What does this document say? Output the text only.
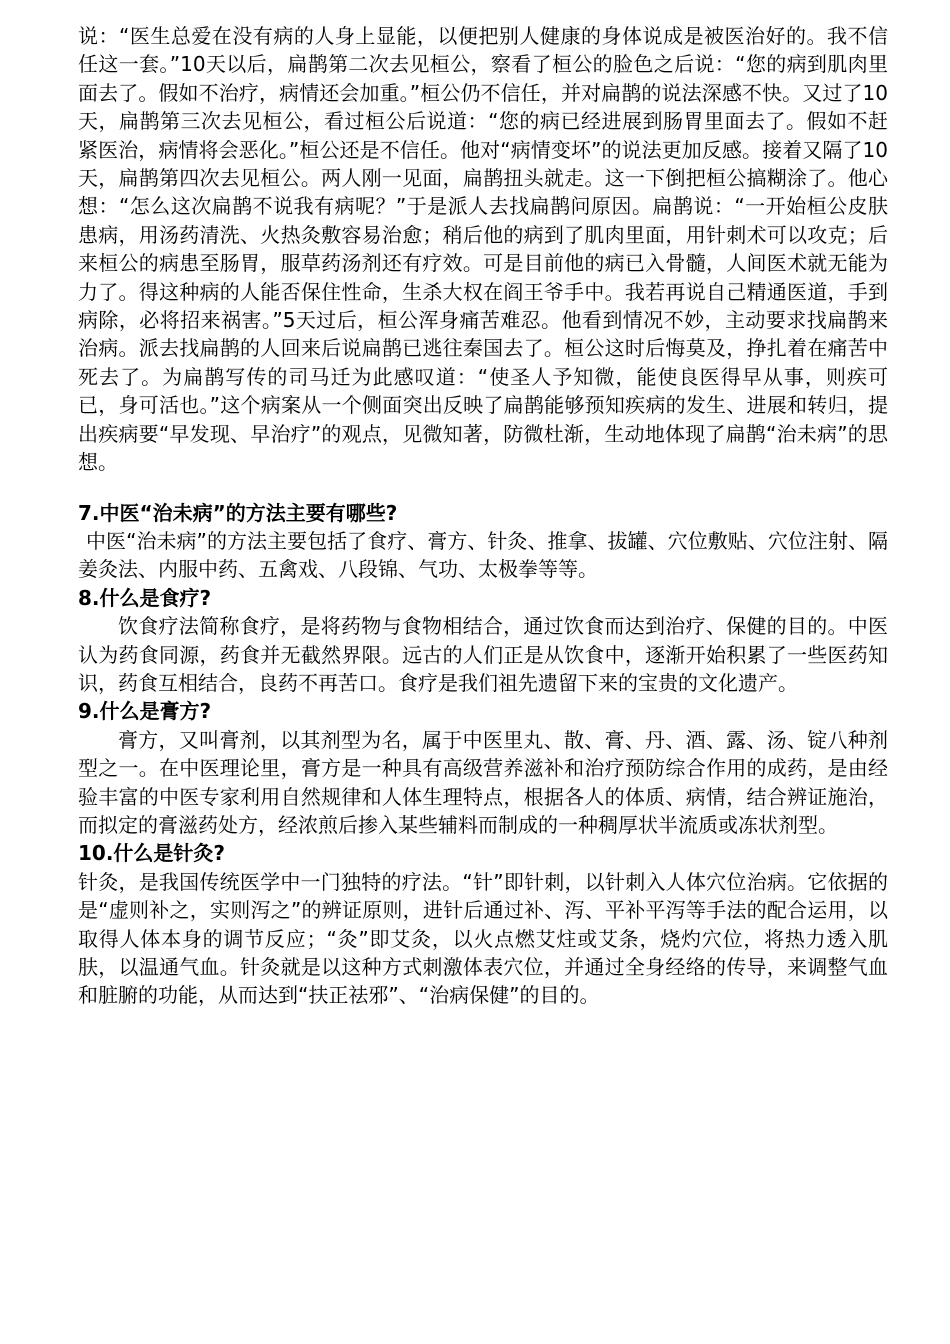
说：“医生总爱在没有病的人身上显能，以便把别人健康的身体说成是被医治好的。我不信任这一套。”10天以后，扁鹊第二次去见桓公，察看了桓公的脸色之后说：“您的病到肌肉里面去了。假如不治疗，病情还会加重。”桓公仍不信任，并对扁鹊的说法深感不快。又过了10天，扁鹊第三次去见桓公，看过桓公后说道：“您的病已经进展到肠胃里面去了。假如不赶紧医治，病情将会恶化。”桓公还是不信任。他对“病情变坏”的说法更加反感。接着又隔了10天，扁鹊第四次去见桓公。两人刚一见面，扁鹊扭头就走。这一下倒把桓公搞糊涂了。他心想：“怎么这次扁鹊不说我有病呢？”于是派人去找扁鹊问原因。扁鹊说：“一开始桓公皮肤患病，用汤药清洗、火热灸敷容易治愈；稍后他的病到了肌肉里面，用针刺术可以攻克；后来桓公的病患至肠胃，服草药汤剂还有疗效。可是目前他的病已入骨髓，人间医术就无能为力了。得这种病的人能否保住性命，生杀大权在阎王爷手中。我若再说自己精通医道，手到病除，必将招来祸害。”5天过后，桓公浑身痛苦难忍。他看到情况不妙，主动要求找扁鹊来治病。派去找扁鹊的人回来后说扁鹊已逃往秦国去了。桓公这时后悔莫及，挣扎着在痛苦中死去了。为扁鹊写传的司马迁为此感叹道：“使圣人予知微，能使良医得早从事，则疾可已，身可活也。”这个病案从一个侧面突出反映了扁鹊能够预知疾病的发生、进展和转归，提出疾病要“早发现、早治疗”的观点，见微知著，防微杜渐，生动地体现了扁鹊“治未病”的思想。

7.中医“治未病”的方法主要有哪些?

中医“治未病”的方法主要包括了食疗、膏方、针灸、推拿、拔罐、穴位敷贴、穴位注射、隔姜灸法、内服中药、五禽戏、八段锦、气功、太极拳等等。

8.什么是食疗?

饮食疗法简称食疗，是将药物与食物相结合，通过饮食而达到治疗、保健的目的。中医认为药食同源，药食并无截然界限。远古的人们正是从饮食中，逐渐开始积累了一些医药知识，药食互相结合，良药不再苦口。食疗是我们祖先遗留下来的宝贵的文化遗产。

9.什么是膏方?

膏方，又叫膏剂，以其剂型为名，属于中医里丸、散、膏、丹、酒、露、汤、锭八种剂型之一。在中医理论里，膏方是一种具有高级营养滋补和治疗预防综合作用的成药，是由经验丰富的中医专家利用自然规律和人体生理特点，根据各人的体质、病情，结合辨证施治，而拟定的膏滋药处方，经浓煎后掺入某些辅料而制成的一种稠厚状半流质或冻状剂型。

10.什么是针灸?

针灸，是我国传统医学中一门独特的疗法。“针”即针刺，以针刺入人体穴位治病。它依据的是“虚则补之，实则泻之”的辨证原则，进针后通过补、泻、平补平泻等手法的配合运用，以取得人体本身的调节反应；“灸”即艾灸，以火点燃艾炷或艾条，烧灼穴位，将热力透入肌肤，以温通气血。针灸就是以这种方式刺激体表穴位，并通过全身经络的传导，来调整气血和脏腑的功能，从而达到“扶正祛邪”、“治病保健”的目的。
